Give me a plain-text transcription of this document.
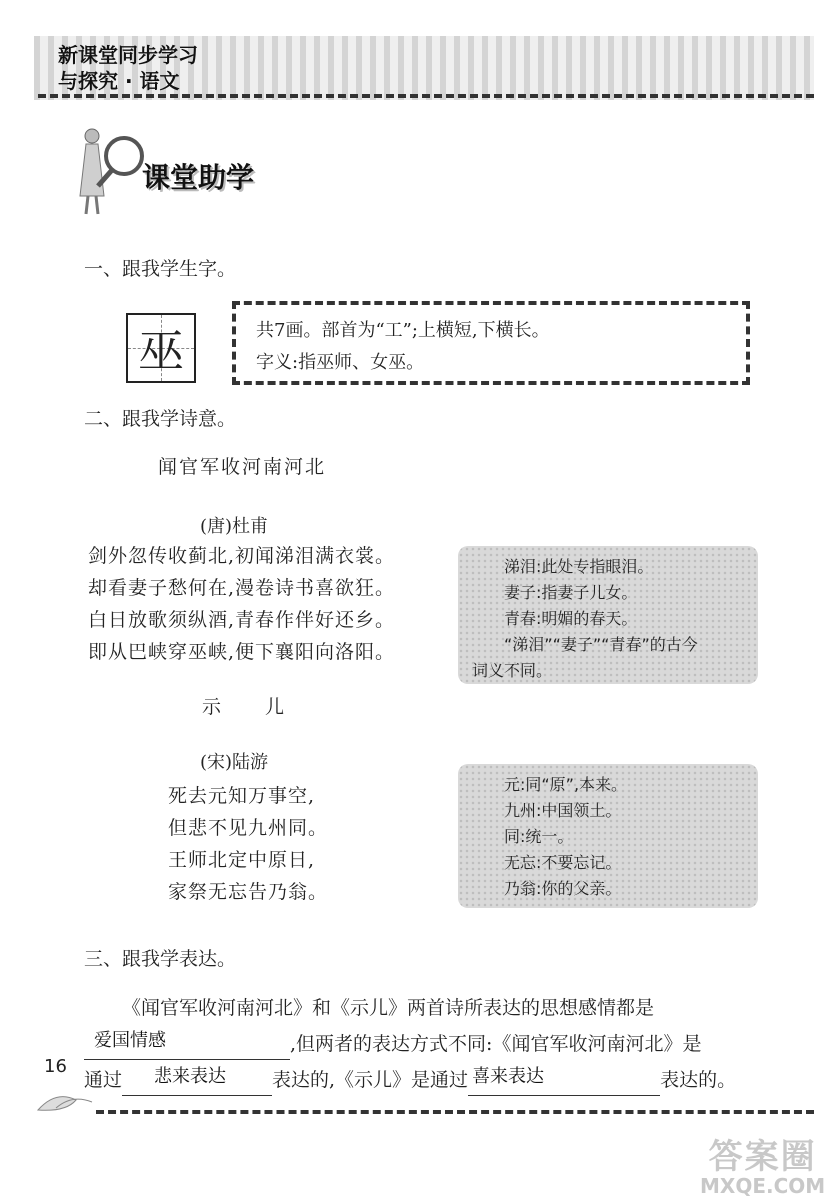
新课堂同步学习
与探究 · 语文
课堂助学
一、跟我学生字。
巫	共7画。部首为“工”;上横短,下横长。
字义:指巫师、女巫。
二、跟我学诗意。
闻官军收河南河北
(唐)杜甫
剑外忽传收蓟北,初闻涕泪满衣裳。
却看妻子愁何在,漫卷诗书喜欲狂。
白日放歌须纵酒,青春作伴好还乡。
即从巴峡穿巫峡,便下襄阳向洛阳。
涕泪:此处专指眼泪。
妻子:指妻子儿女。
青春:明媚的春天。
“涕泪”“妻子”“青春”的古今
词义不同。
示　　儿
(宋)陆游
死去元知万事空,
但悲不见九州同。
王师北定中原日,
家祭无忘告乃翁。
元:同“原”,本来。
九州:中国领土。
同:统一。
无忘:不要忘记。
乃翁:你的父亲。
三、跟我学表达。
《闻官军收河南河北》和《示儿》两首诗所表达的思想感情都是
爱国情感	,但两者的表达方式不同:《闻官军收河南河北》是
通过 悲来表达 表达的,《示儿》是通过 喜来表达	表达的。
16
答案圈
MXQE.COM
